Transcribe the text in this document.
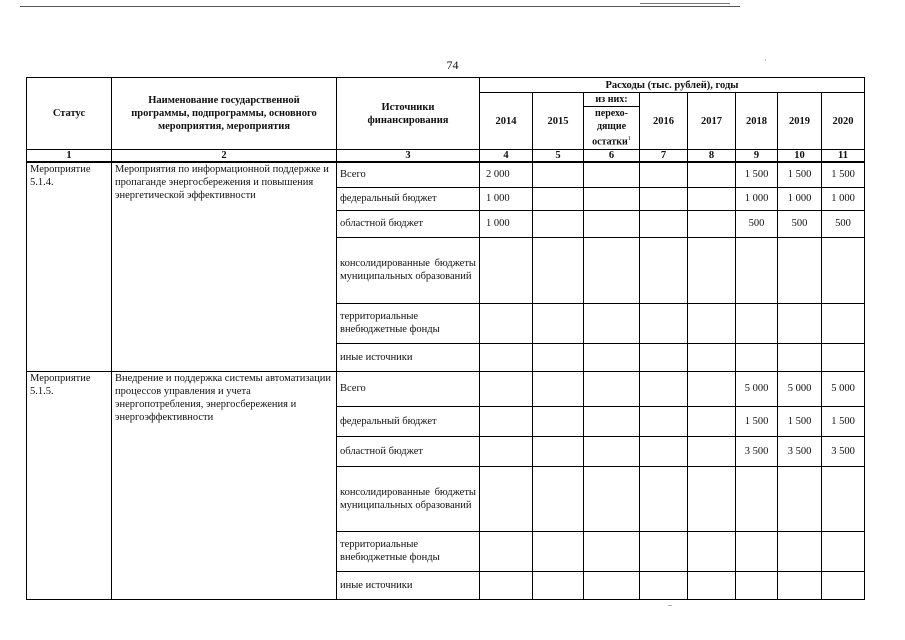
74
Статус	Наименование государственной программы, подпрограммы, основного мероприятия, мероприятия	Источники финансирования	Расходы (тыс. рублей), годы							
			2014	2015	из них:
перехо-
дящие
остатки$^1$	2016	2017	2018	2019	2020
1	2	3	4	5	6	7	8	9	10	11
Мероприятие 5.1.4.	Мероприятия по информационной поддержке и пропаганде энергосбережения и повышения энергетической эффективности	Всего	2 000					1 500	1 500	1 500
		федеральный бюджет	1 000					1 000	1 000	1 000
		областной бюджет	1 000					500	500	500
		консолидированные бюджеты муниципальных образований								
		территориальные внебюджетные фонды								
		иные источники								
Мероприятие 5.1.5.	Внедрение и поддержка системы автоматизации процессов управления и учета энергопотребления, энергосбережения и энергоэффективности	Всего						5 000	5 000	5 000
		федеральный бюджет						1 500	1 500	1 500
		областной бюджет						3 500	3 500	3 500
		консолидированные бюджеты муниципальных образований								
		территориальные внебюджетные фонды								
		иные источники								
·
–
